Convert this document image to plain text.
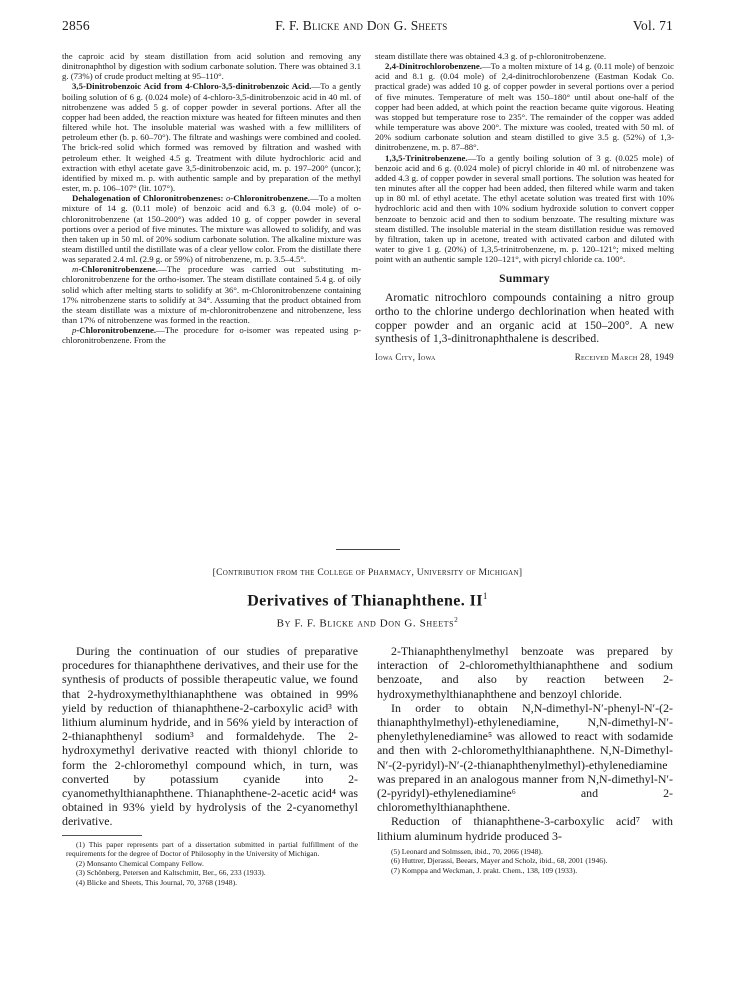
2856	F. F. Blicke and Don G. Sheets	Vol. 71

the caproic acid by steam distillation from acid solution and removing any dinitronaphthol by digestion with sodium carbonate solution. There was obtained 3.1 g. (73%) of crude product melting at 95–110°.

3,5-Dinitrobenzoic Acid from 4-Chloro-3,5-dinitrobenzoic Acid.—To a gently boiling solution of 6 g. (0.024 mole) of 4-chloro-3,5-dinitrobenzoic acid in 40 ml. of nitrobenzene was added 5 g. of copper powder in several portions. After all the copper had been added, the reaction mixture was heated for fifteen minutes and then filtered while hot. The insoluble material was washed with a few milliliters of petroleum ether (b. p. 60–70°). The filtrate and washings were combined and cooled. The brick-red solid which formed was removed by filtration and washed with petroleum ether. It weighed 4.5 g. Treatment with dilute hydrochloric acid and extraction with ethyl acetate gave 3,5-dinitrobenzoic acid, m. p. 197–200° (uncor.); identified by mixed m. p. with authentic sample and by preparation of the methyl ester, m. p. 106–107° (lit. 107°).

Dehalogenation of Chloronitrobenzenes: o-Chloronitrobenzene.—To a molten mixture of 14 g. (0.11 mole) of benzoic acid and 6.3 g. (0.04 mole) of o-chloronitrobenzene (at 150–200°) was added 10 g. of copper powder in several portions over a period of five minutes. The mixture was allowed to solidify, and was then taken up in 50 ml. of 20% sodium carbonate solution. The alkaline mixture was steam distilled until the distillate was of a clear yellow color. From the distillate there was separated 2.4 ml. (2.9 g. or 59%) of nitrobenzene, m. p. 3.5–4.5°.

m-Chloronitrobenzene.—The procedure was carried out substituting m-chloronitrobenzene for the ortho-isomer. The steam distillate contained 5.4 g. of oily solid which after melting starts to solidify at 36°. m-Chloronitrobenzene containing 17% nitrobenzene starts to solidify at 34°. Assuming that the product obtained from the steam distillate was a mixture of m-chloronitrobenzene and nitrobenzene, less than 17% of nitrobenzene was formed in the reaction.

p-Chloronitrobenzene.—The procedure for o-isomer was repeated using p-chloronitrobenzene. From the

steam distillate there was obtained 4.3 g. of p-chloronitrobenzene.

2,4-Dinitrochlorobenzene.—To a molten mixture of 14 g. (0.11 mole) of benzoic acid and 8.1 g. (0.04 mole) of 2,4-dinitrochlorobenzene (Eastman Kodak Co. practical grade) was added 10 g. of copper powder in several portions over a period of five minutes. Temperature of melt was 150–180° until about one-half of the copper had been added, at which point the reaction became quite vigorous. Heating was stopped but temperature rose to 235°. The remainder of the copper was added while temperature was above 200°. The mixture was cooled, treated with 50 ml. of 20% sodium carbonate solution and steam distilled to give 3.5 g. (52%) of 1,3-dinitrobenzene, m. p. 87–88°.

1,3,5-Trinitrobenzene.—To a gently boiling solution of 3 g. (0.025 mole) of benzoic acid and 6 g. (0.024 mole) of picryl chloride in 40 ml. of nitrobenzene was added 4.3 g. of copper powder in several small portions. The solution was heated for ten minutes after all the copper had been added, then filtered while warm and taken up in 80 ml. of ethyl acetate. The ethyl acetate solution was treated first with 10% hydrochloric acid and then with 10% sodium hydroxide solution to convert copper benzoate to benzoic acid and then to sodium benzoate. The resulting mixture was steam distilled. The insoluble material in the steam distillation residue was removed by filtration, taken up in acetone, treated with activated carbon and diluted with water to give 1 g. (20%) of 1,3,5-trinitrobenzene, m. p. 120–121°; mixed melting point with an authentic sample 120–121°, with picryl chloride ca. 100°.

Summary

Aromatic nitrochloro compounds containing a nitro group ortho to the chlorine undergo dechlorination when heated with copper powder and an organic acid at 150–200°. A new synthesis of 1,3-dinitronaphthalene is described.

Iowa City, Iowa	Received March 28, 1949
[Contribution from the College of Pharmacy, University of Michigan]
Derivatives of Thianaphthene. $II^1$
By F. F. Blicke and Don G. Sheets$^2$

During the continuation of our studies of preparative procedures for thianaphthene derivatives, and their use for the synthesis of products of possible therapeutic value, we found that 2-hydroxymethylthianaphthene was obtained in 99% yield by reduction of thianaphthene-2-carboxylic acid³ with lithium aluminum hydride, and in 56% yield by interaction of 2-thianaphthenyl sodium³ and formaldehyde. The 2-hydroxymethyl derivative reacted with thionyl chloride to form the 2-chloromethyl compound which, in turn, was converted by potassium cyanide into 2-cyanomethylthianaphthene. Thianaphthene-2-acetic acid⁴ was obtained in 93% yield by hydrolysis of the 2-cyanomethyl derivative.

(1) This paper represents part of a dissertation submitted in partial fulfillment of the requirements for the degree of Doctor of Philosophy in the University of Michigan.

(2) Monsanto Chemical Company Fellow.

(3) Schönberg, Petersen and Kaltschmitt, Ber., 66, 233 (1933).

(4) Blicke and Sheets, This Journal, 70, 3768 (1948).

2-Thianaphthenylmethyl benzoate was prepared by interaction of 2-chloromethylthianaphthene and sodium benzoate, and also by reaction between 2-hydroxymethylthianaphthene and benzoyl chloride.

In order to obtain N,N-dimethyl-N′-phenyl-N′-(2-thianaphthylmethyl)-ethylenediamine, N,N-dimethyl-N′-phenylethylenediamine⁵ was allowed to react with sodamide and then with 2-chloromethylthianaphthene. N,N-Dimethyl-N′-(2-pyridyl)-N′-(2-thianaphthenylmethyl)-ethylenediamine was prepared in an analogous manner from N,N-dimethyl-N′-(2-pyridyl)-ethylenediamine⁶ and 2-chloromethylthianaphthene.

Reduction of thianaphthene-3-carboxylic acid⁷ with lithium aluminum hydride produced 3-

(5) Leonard and Solmssen, ibid., 70, 2066 (1948).

(6) Huttrer, Djerassi, Beears, Mayer and Scholz, ibid., 68, 2001 (1946).

(7) Komppa and Weckman, J. prakt. Chem., 138, 109 (1933).
